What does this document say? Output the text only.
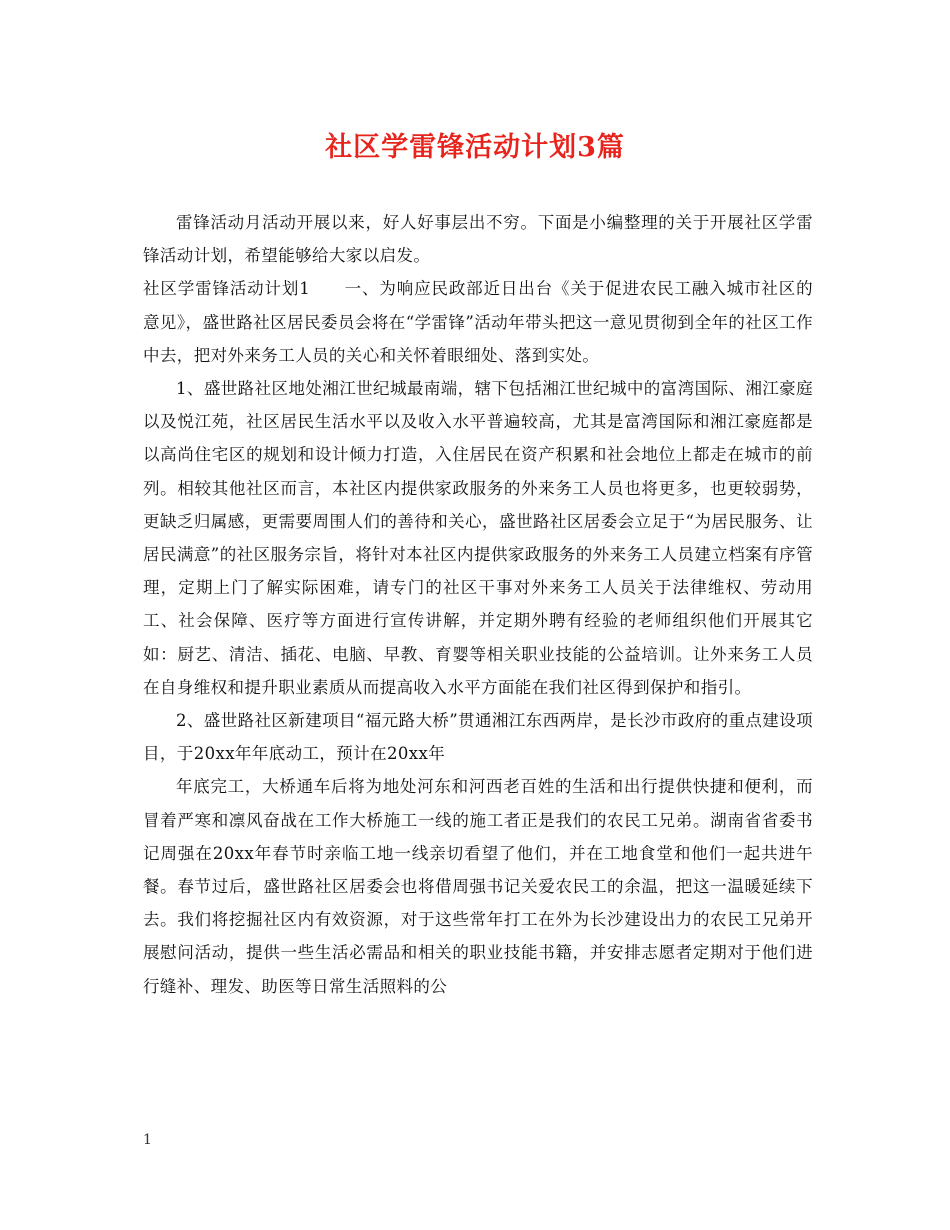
社区学雷锋活动计划3篇

雷锋活动月活动开展以来，好人好事层出不穷。下面是小编整理的关于开展社区学雷锋活动计划，希望能够给大家以启发。

社区学雷锋活动计划1 一、为响应民政部近日出台《关于促进农民工融入城市社区的意见》，盛世路社区居民委员会将在“学雷锋”活动年带头把这一意见贯彻到全年的社区工作中去，把对外来务工人员的关心和关怀着眼细处、落到实处。

1、盛世路社区地处湘江世纪城最南端，辖下包括湘江世纪城中的富湾国际、湘江豪庭以及悦江苑，社区居民生活水平以及收入水平普遍较高，尤其是富湾国际和湘江豪庭都是以高尚住宅区的规划和设计倾力打造，入住居民在资产积累和社会地位上都走在城市的前列。相较其他社区而言，本社区内提供家政服务的外来务工人员也将更多，也更较弱势，更缺乏归属感，更需要周围人们的善待和关心，盛世路社区居委会立足于“为居民服务、让居民满意”的社区服务宗旨，将针对本社区内提供家政服务的外来务工人员建立档案有序管理，定期上门了解实际困难，请专门的社区干事对外来务工人员关于法律维权、劳动用工、社会保障、医疗等方面进行宣传讲解，并定期外聘有经验的老师组织他们开展其它如：厨艺、清洁、插花、电脑、早教、育婴等相关职业技能的公益培训。让外来务工人员在自身维权和提升职业素质从而提高收入水平方面能在我们社区得到保护和指引。

2、盛世路社区新建项目“福元路大桥”贯通湘江东西两岸，是长沙市政府的重点建设项目，于20xx年年底动工，预计在20xx年

年底完工，大桥通车后将为地处河东和河西老百姓的生活和出行提供快捷和便利，而冒着严寒和凛风奋战在工作大桥施工一线的施工者正是我们的农民工兄弟。湖南省省委书记周强在20xx年春节时亲临工地一线亲切看望了他们，并在工地食堂和他们一起共进午餐。春节过后，盛世路社区居委会也将借周强书记关爱农民工的余温，把这一温暖延续下去。我们将挖掘社区内有效资源，对于这些常年打工在外为长沙建设出力的农民工兄弟开展慰问活动，提供一些生活必需品和相关的职业技能书籍，并安排志愿者定期对于他们进行缝补、理发、助医等日常生活照料的公

1
